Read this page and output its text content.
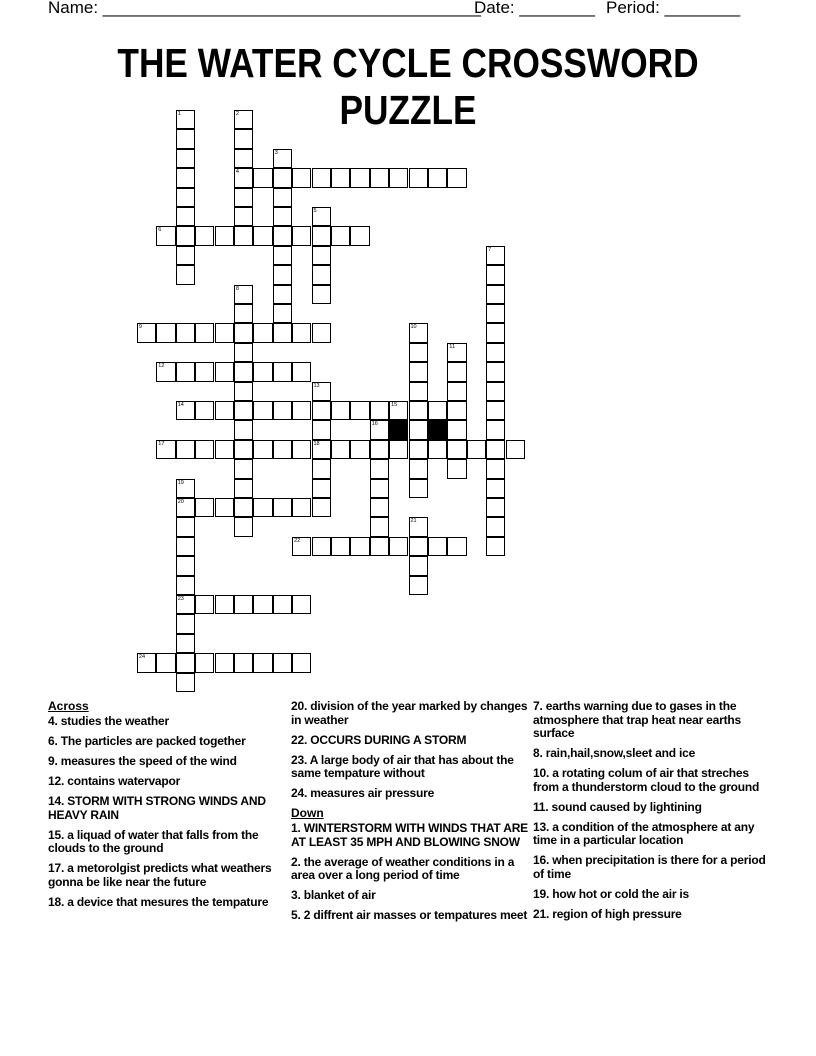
Name: ________________________________________
Date: ________ Period: ________
THE WATER CYCLE CROSSWORD PUZZLE
1	2
4
3
5
6
7
8
9	10
11
12
13
18
14	15
16
17
19
20
23
21
22
24
Across
4. studies the weather
6. The particles are packed together
9. measures the speed of the wind
12. contains watervapor
14. STORM WITH STRONG WINDS AND HEAVY RAIN
15. a liquad of water that falls from the clouds to the ground
17. a metorolgist predicts what weathers gonna be like near the future
18. a device that mesures the tempature
20. division of the year marked by changes in weather
22. OCCURS DURING A STORM
23. A large body of air that has about the same tempature without
24. measures air pressure
Down
1. WINTERSTORM WITH WINDS THAT ARE AT LEAST 35 MPH AND BLOWING SNOW
2. the average of weather conditions in a area over a long period of time
3. blanket of air
5. 2 diffrent air masses or tempatures meet
7. earths warning due to gases in the atmosphere that trap heat near earths surface
8. rain,hail,snow,sleet and ice
10. a rotating colum of air that streches from a thunderstorm cloud to the ground
11. sound caused by lightining
13. a condition of the atmosphere at any time in a particular location
16. when precipitation is there for a period of time
19. how hot or cold the air is
21. region of high pressure
